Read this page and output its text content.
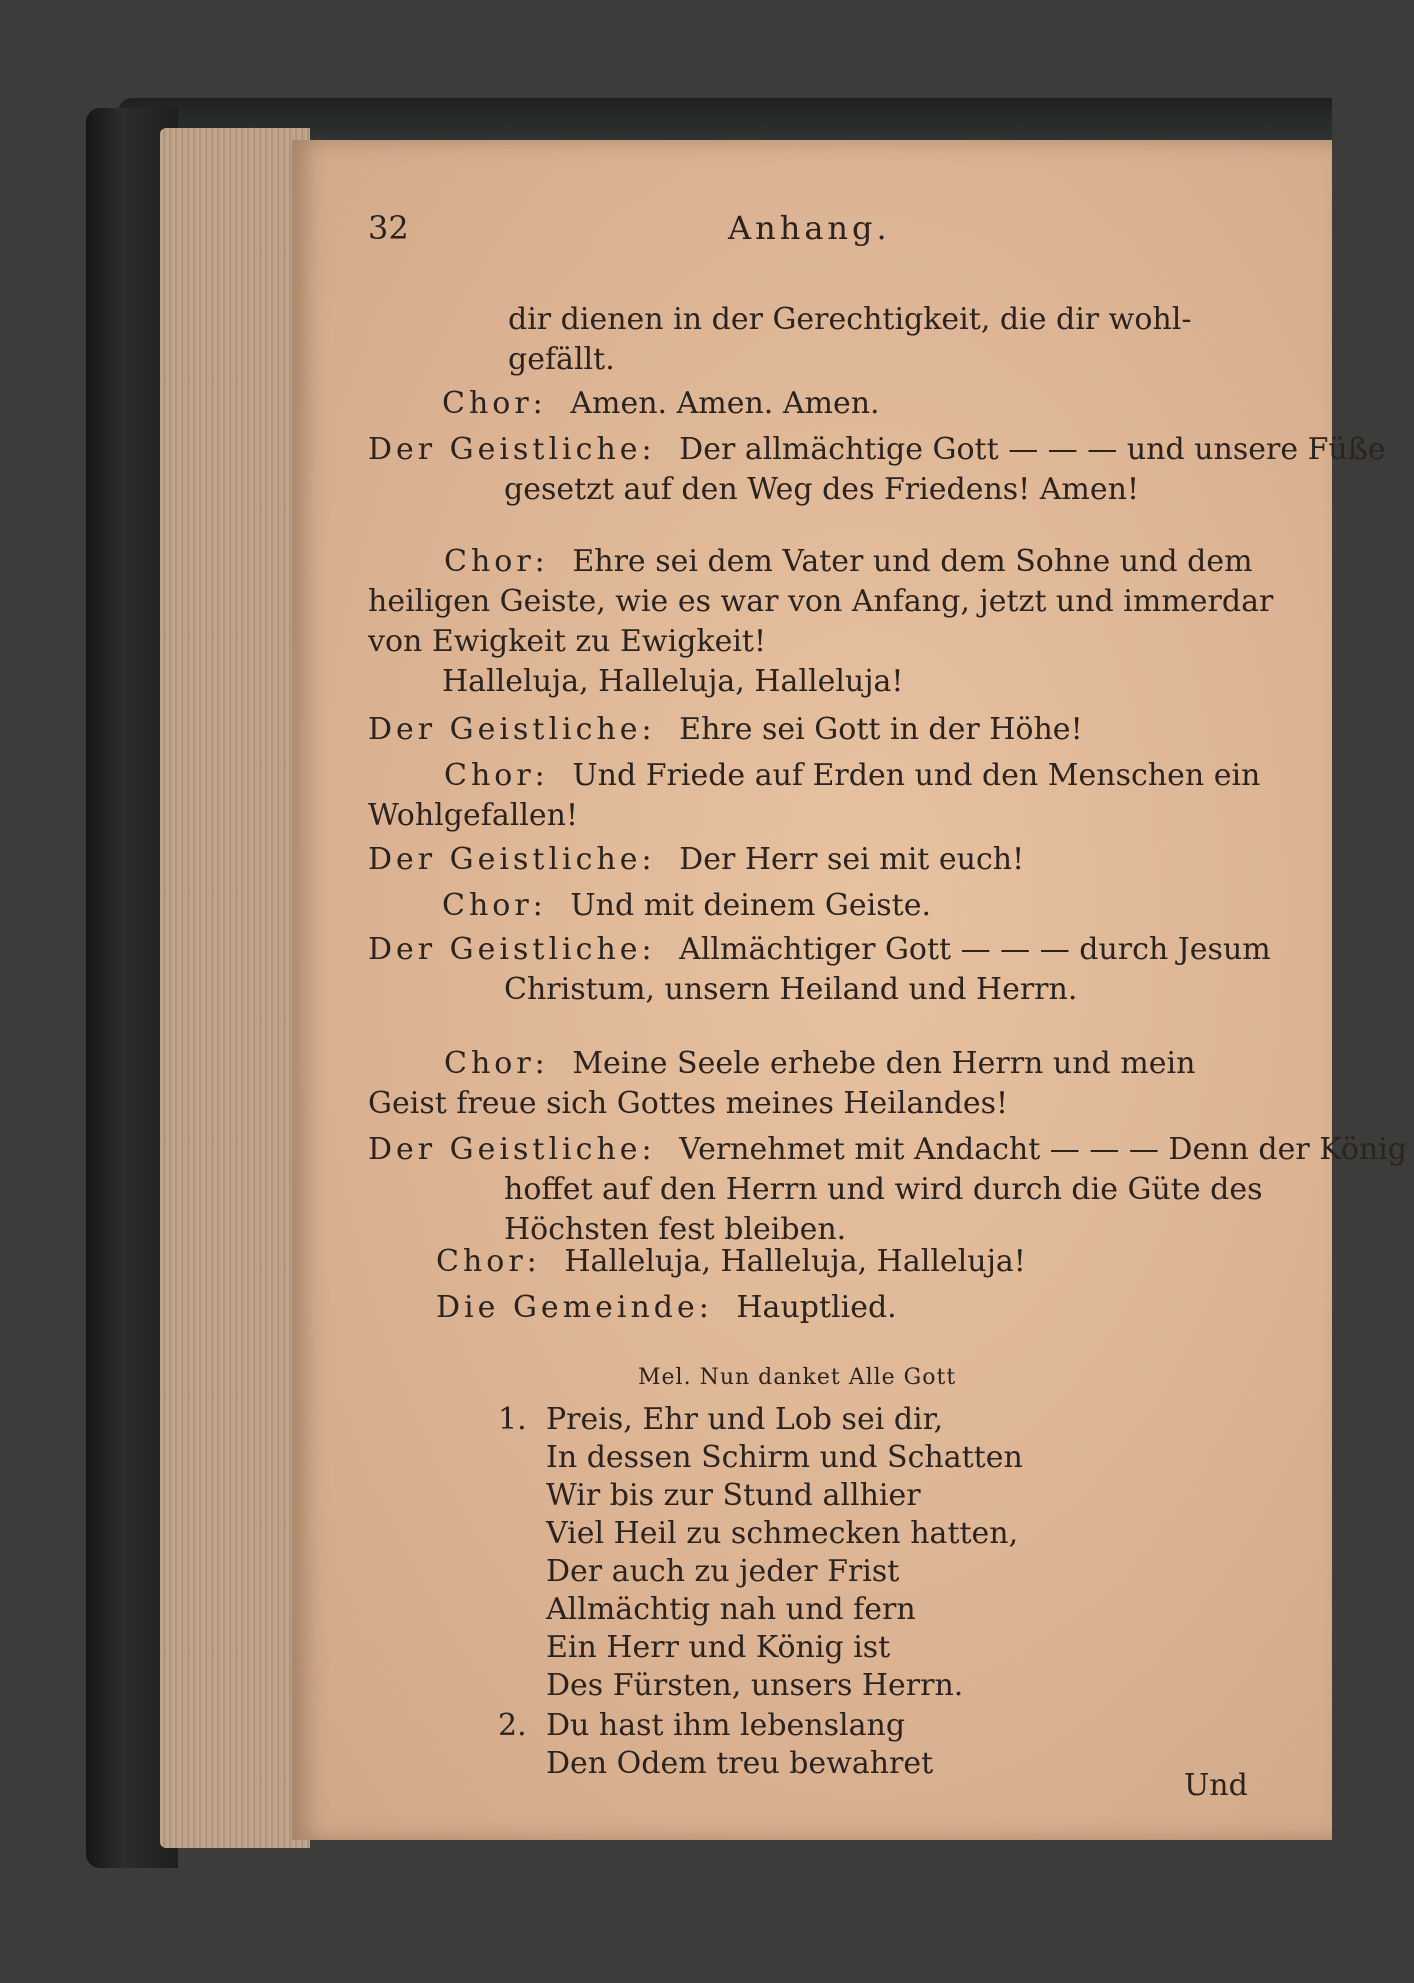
32	Anhang.
dir dienen in der Gerechtigkeit, die dir wohl-gefällt.
Chor: Amen. Amen. Amen.
Der Geistliche: Der allmächtige Gott — — — und unsere Füße gesetzt auf den Weg des Friedens! Amen!
Chor: Ehre sei dem Vater und dem Sohne und dem heiligen Geiste, wie es war von Anfang, jetzt und immerdar von Ewigkeit zu Ewigkeit!
Halleluja, Halleluja, Halleluja!
Der Geistliche: Ehre sei Gott in der Höhe!
Chor: Und Friede auf Erden und den Menschen ein Wohlgefallen!
Der Geistliche: Der Herr sei mit euch!
Chor: Und mit deinem Geiste.
Der Geistliche: Allmächtiger Gott — — — durch Jesum Christum, unsern Heiland und Herrn.
Chor: Meine Seele erhebe den Herrn und mein Geist freue sich Gottes meines Heilandes!
Der Geistliche: Vernehmet mit Andacht — — — Denn der König hoffet auf den Herrn und wird durch die Güte des Höchsten fest bleiben.
Chor: Halleluja, Halleluja, Halleluja!
Die Gemeinde: Hauptlied.
Mel. Nun danket Alle Gott
1. Preis, Ehr und Lob sei dir,
In dessen Schirm und Schatten
Wir bis zur Stund allhier
Viel Heil zu schmecken hatten,
Der auch zu jeder Frist
Allmächtig nah und fern
Ein Herr und König ist
Des Fürsten, unsers Herrn.
2. Du hast ihm lebenslang
Den Odem treu bewahret
Und
